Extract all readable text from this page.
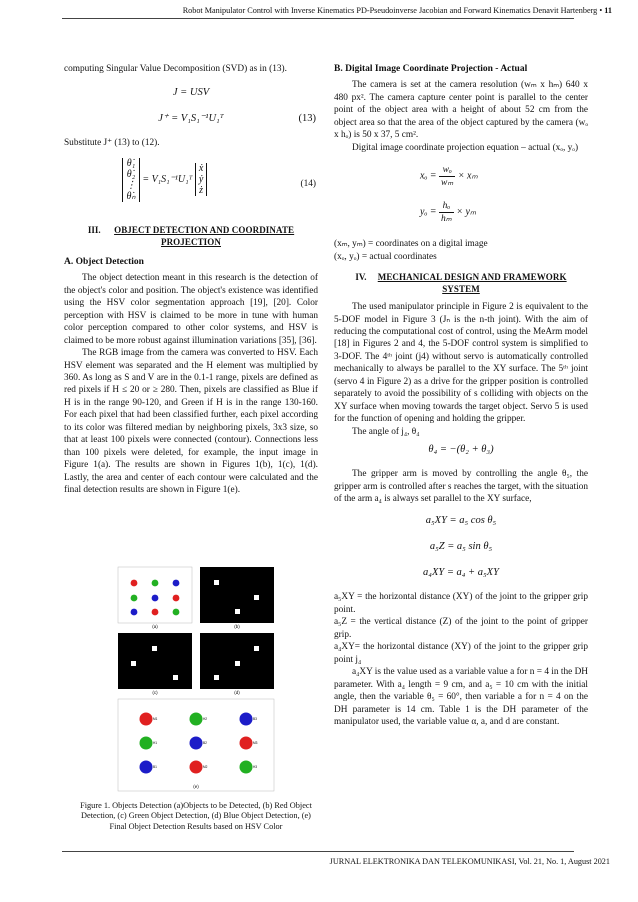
Robot Manipulator Control with Inverse Kinematics PD-Pseudoinverse Jacobian and Forward Kinematics Denavit Hartenberg • 11

computing Singular Value Decomposition (SVD) as in (13).

J = USV
J⁺ = V₁S₁⁻¹U₁ᵀ	(13)

Substitute J⁺ (13) to (12).

θ̇₁
θ̇₂
⋮
θ̇ₙ
= V₁S₁⁻¹U₁ᵀ
ẋ
ẏ
ż
(14)
III. OBJECT DETECTION AND COORDINATE
PROJECTION
A. Object Detection

The object detection meant in this research is the detection of the object's color and position. The object's existence was identified using the HSV color segmentation approach [19], [20]. Color perception with HSV is claimed to be more in tune with human color perception compared to other color systems, and HSV is claimed to be more robust against illumination variations [35], [36].

The RGB image from the camera was converted to HSV. Each HSV element was separated and the H element was multiplied by 360. As long as S and V are in the 0.1-1 range, pixels are defined as red pixels if H ≤ 20 or ≥ 280. Then, pixels are classified as Blue if H is in the range 90-120, and Green if H is in the range 130-160. For each pixel that had been classified further, each pixel according to its color was filtered median by neighboring pixels, 3x3 size, so that at least 100 pixels were connected (contour). Connections less than 100 pixels were deleted, for example, the input image in Figure 1(a). The results are shown in Figures 1(b), 1(c), 1(d). Lastly, the area and center of each contour were calculated and the final detection results are shown in Figure 1(e).

(a)	(b)
(c)	(d)
M1	H2	B3
H1	B2	M3
B1	M2	H3
(e)
Figure 1. Objects Detection (a)Objects to be Detected, (b) Red Object Detection, (c) Green Object Detection, (d) Blue Object Detection, (e) Final Object Detection Results based on HSV Color
B. Digital Image Coordinate Projection - Actual

The camera is set at the camera resolution (wₘ x hₘ) 640 x 480 px². The camera capture center point is parallel to the center point of the object area with a height of about 52 cm from the object area so that the area of the object captured by the camera (wₒ x hₒ) is 50 x 37, 5 cm².

Digital image coordinate projection equation – actual (xₒ, yₒ)

$x_o = \frac{\text{wₒ}}{\text{wₘ}} \times x_m$
$y_o = \frac{\text{hₒ}}{\text{hₘ}} \times y_m$

(xₘ, yₘ) = coordinates on a digital image

(xₒ, yₒ) = actual coordinates

IV. MECHANICAL DESIGN AND FRAMEWORK
SYSTEM

The used manipulator principle in Figure 2 is equivalent to the 5-DOF model in Figure 3 (Jₙ is the n-th joint). With the aim of reducing the computational cost of control, using the MeArm model [18] in Figures 2 and 4, the 5-DOF control system is simplified to 3-DOF. The 4ᵗʰ joint (j4) without servo is automatically controlled mechanically to always be parallel to the XY surface. The 5ᵗʰ joint (servo 4 in Figure 2) as a drive for the gripper position is controlled separately to avoid the possibility of s colliding with objects on the XY surface when moving towards the target object. Servo 5 is used for the function of opening and holding the gripper.

The angle of j₄, θ₄

θ₄ = −(θ₂ + θ₃)

The gripper arm is moved by controlling the angle θ₅, the gripper arm is controlled after s reaches the target, with the situation of the arm a₄ is always set parallel to the XY surface,

a₅XY = a₅ cos θ₅
a₅Z = a₅ sin θ₅
a₄XY = a₄ + a₅XY

a₅XY = the horizontal distance (XY) of the joint to the gripper grip point.

a₅Z = the vertical distance (Z) of the joint to the point of gripper grip.

a₄XY= the horizontal distance (XY) of the joint to the gripper grip point j₄

a₄XY is the value used as a variable value a for n = 4 in the DH parameter. With a₄ length = 9 cm, and a₅ = 10 cm with the initial angle, then the variable θ₅ = 60°, then variable a for n = 4 on the DH parameter is 14 cm. Table 1 is the DH parameter of the manipulator used, the variable value α, a, and d are constant.

JURNAL ELEKTRONIKA DAN TELEKOMUNIKASI, Vol. 21, No. 1, August 2021
